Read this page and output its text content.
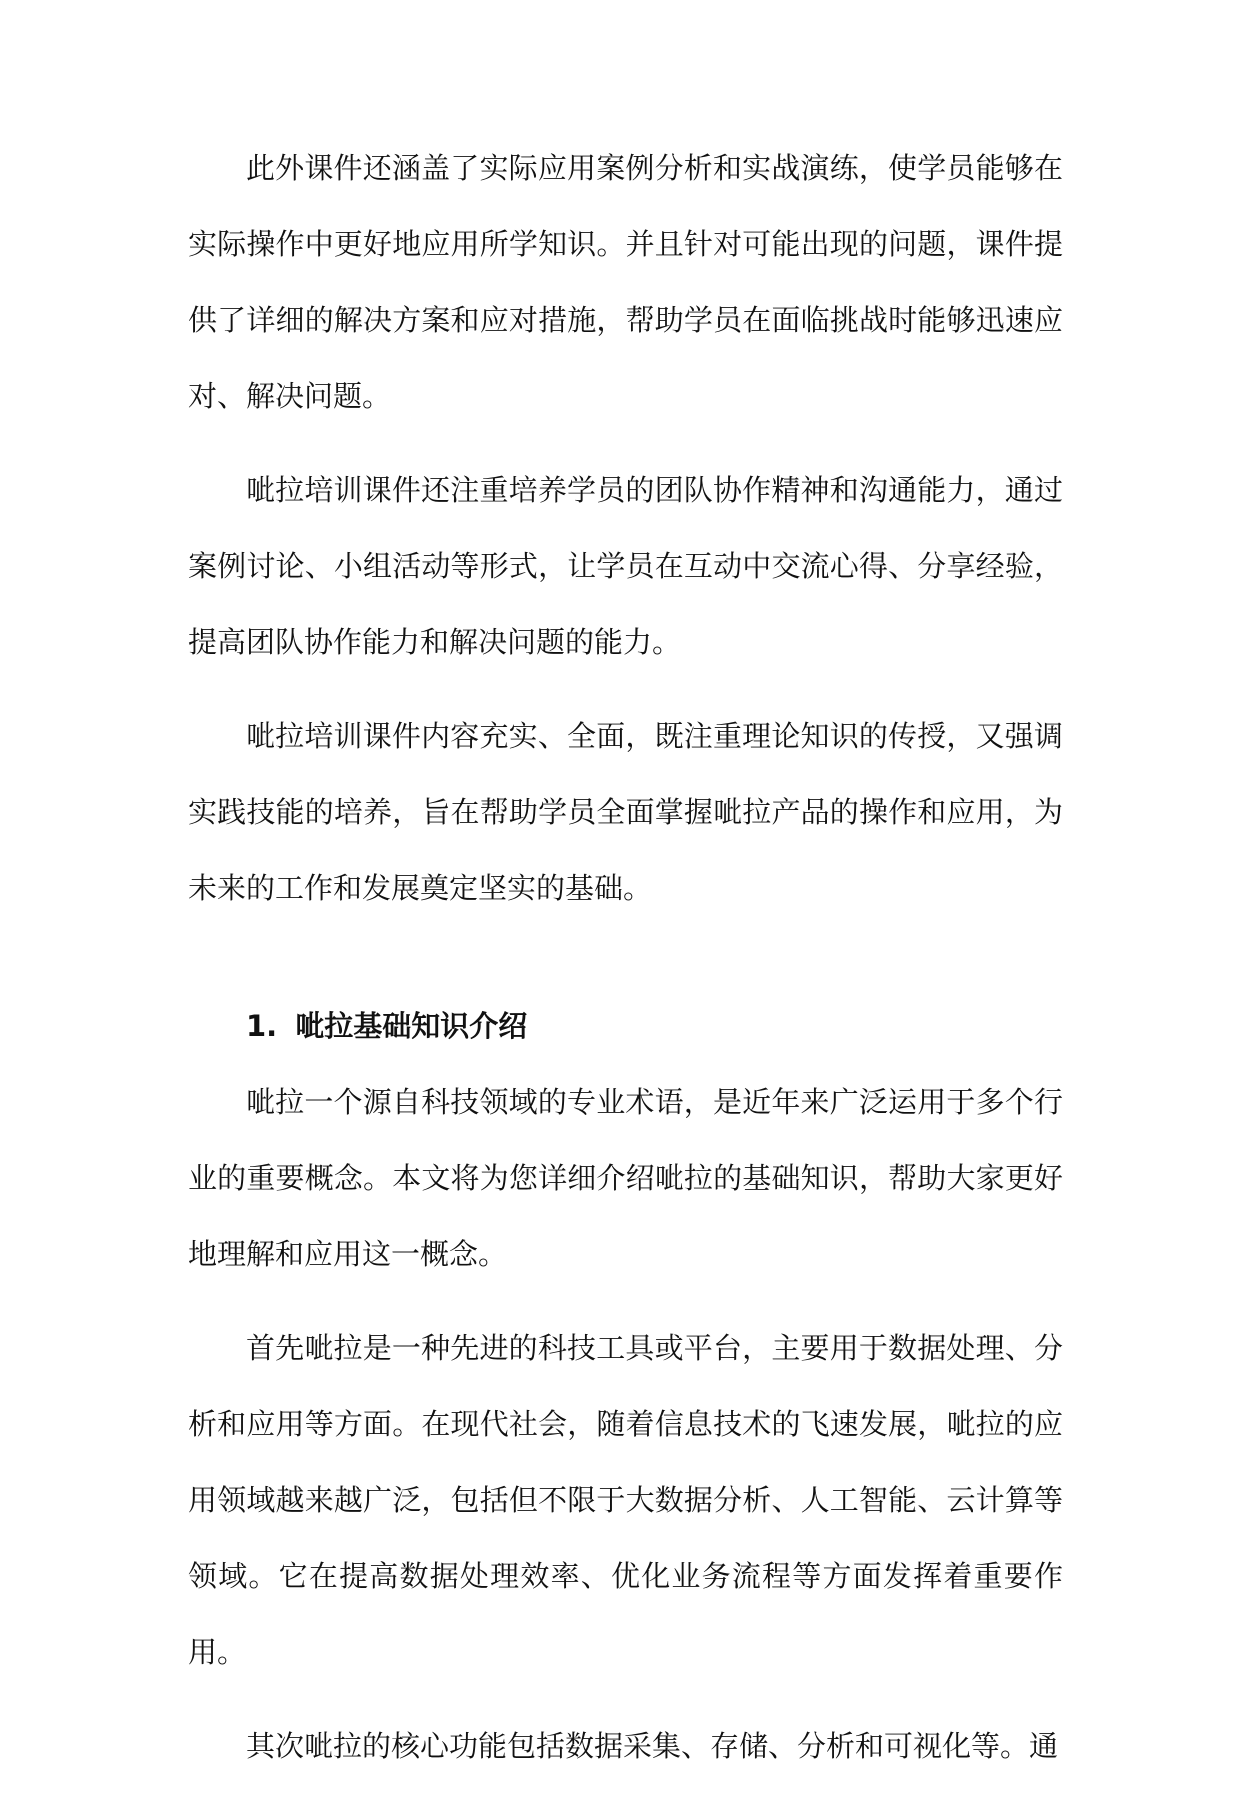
此外课件还涵盖了实际应用案例分析和实战演练，使学员能够在实际操作中更好地应用所学知识。并且针对可能出现的问题，课件提供了详细的解决方案和应对措施，帮助学员在面临挑战时能够迅速应对、解决问题。

呲拉培训课件还注重培养学员的团队协作精神和沟通能力，通过案例讨论、小组活动等形式，让学员在互动中交流心得、分享经验，提高团队协作能力和解决问题的能力。

呲拉培训课件内容充实、全面，既注重理论知识的传授，又强调实践技能的培养，旨在帮助学员全面掌握呲拉产品的操作和应用，为未来的工作和发展奠定坚实的基础。

1. 呲拉基础知识介绍

呲拉一个源自科技领域的专业术语，是近年来广泛运用于多个行业的重要概念。本文将为您详细介绍呲拉的基础知识，帮助大家更好地理解和应用这一概念。

首先呲拉是一种先进的科技工具或平台，主要用于数据处理、分析和应用等方面。在现代社会，随着信息技术的飞速发展，呲拉的应用领域越来越广泛，包括但不限于大数据分析、人工智能、云计算等领域。它在提高数据处理效率、优化业务流程等方面发挥着重要作用。

其次呲拉的核心功能包括数据采集、存储、分析和可视化等。通
